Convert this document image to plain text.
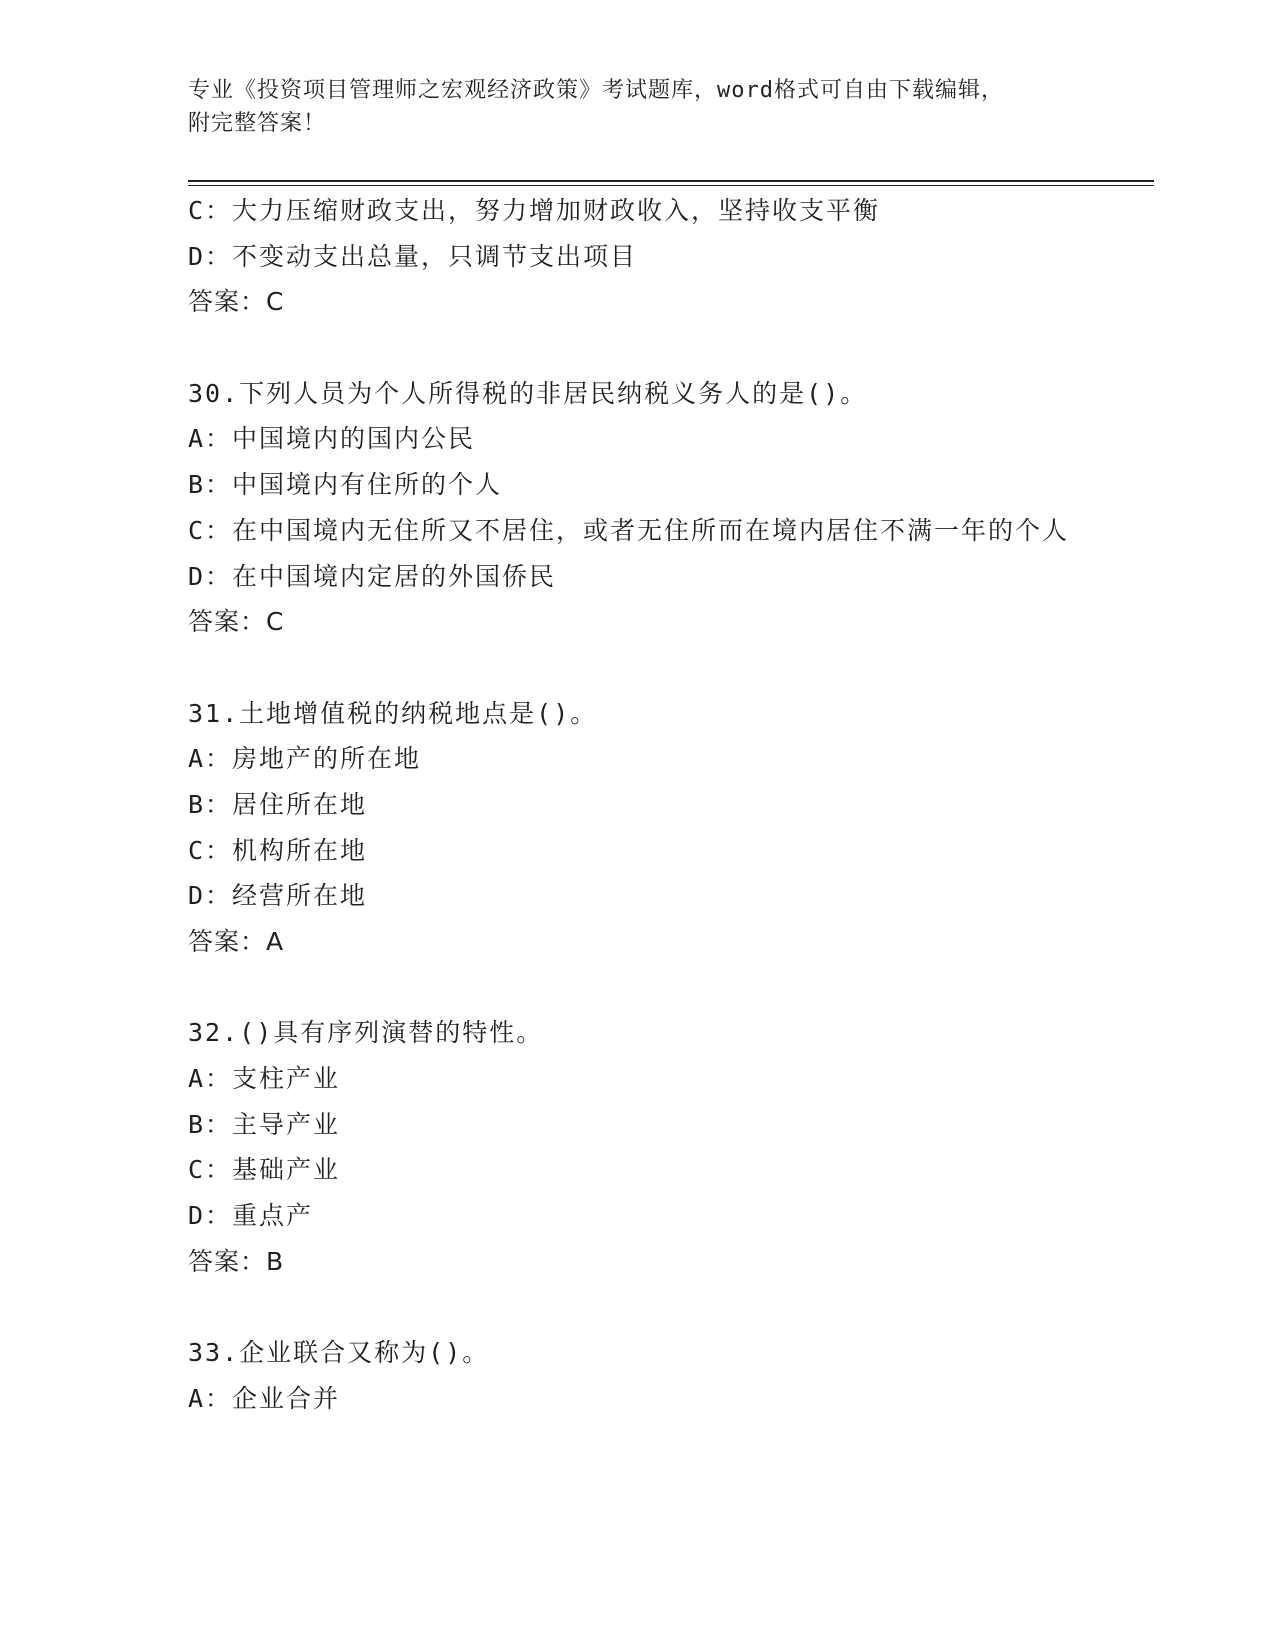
专业《投资项目管理师之宏观经济政策》考试题库，word格式可自由下载编辑，
附完整答案！
C：大力压缩财政支出，努力增加财政收入，坚持收支平衡
D：不变动支出总量，只调节支出项目
答案：C
30.下列人员为个人所得税的非居民纳税义务人的是()。
A：中国境内的国内公民
B：中国境内有住所的个人
C：在中国境内无住所又不居住，或者无住所而在境内居住不满一年的个人
D：在中国境内定居的外国侨民
答案：C
31.土地增值税的纳税地点是()。
A：房地产的所在地
B：居住所在地
C：机构所在地
D：经营所在地
答案：A
32.()具有序列演替的特性。
A：支柱产业
B：主导产业
C：基础产业
D：重点产
答案：B
33.企业联合又称为()。
A：企业合并
